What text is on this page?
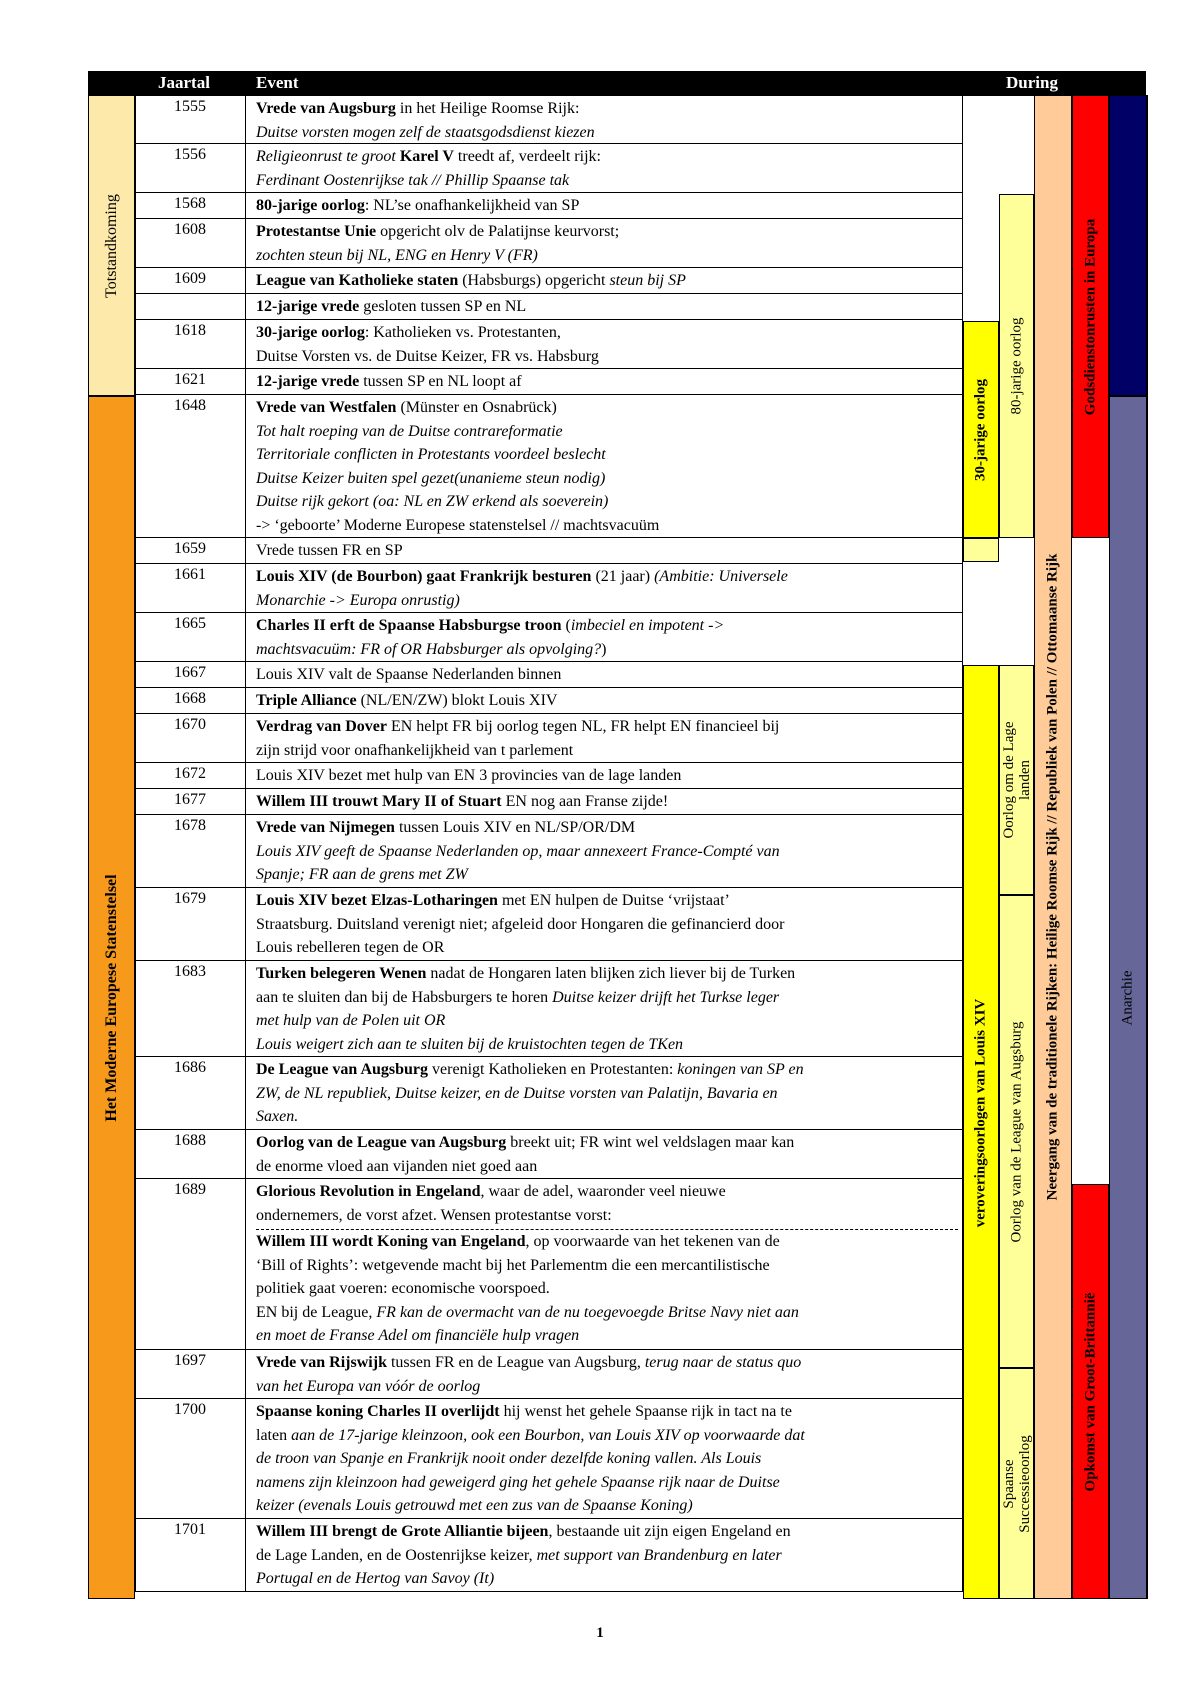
Jaartal	Event	During
Totstandkoming
Het Moderne Europese Statenstelsel
1555	Vrede van Augsburg in het Heilige Roomse Rijk:
Duitse vorsten mogen zelf de staatsgodsdienst kiezen
1556	Religieonrust te groot Karel V treedt af, verdeelt rijk:
Ferdinant Oostenrijkse tak // Phillip Spaanse tak
1568	80-jarige oorlog: NL’se onafhankelijkheid van SP
1608	Protestantse Unie opgericht olv de Palatijnse keurvorst;
zochten steun bij NL, ENG en Henry V (FR)
1609	League van Katholieke staten (Habsburgs) opgericht steun bij SP
12-jarige vrede gesloten tussen SP en NL
1618	30-jarige oorlog: Katholieken vs. Protestanten,
Duitse Vorsten vs. de Duitse Keizer, FR vs. Habsburg
1621	12-jarige vrede tussen SP en NL loopt af
1648	Vrede van Westfalen (Münster en Osnabrück)
Tot halt roeping van de Duitse contrareformatie
Territoriale conflicten in Protestants voordeel beslecht
Duitse Keizer buiten spel gezet(unanieme steun nodig)
Duitse rijk gekort (oa: NL en ZW erkend als soeverein)
-> ‘geboorte’ Moderne Europese statenstelsel // machtsvacuüm
1659	Vrede tussen FR en SP
1661	Louis XIV (de Bourbon) gaat Frankrijk besturen (21 jaar) (Ambitie: Universele
Monarchie -> Europa onrustig)
1665	Charles II erft de Spaanse Habsburgse troon (imbeciel en impotent ->
machtsvacuüm: FR of OR Habsburger als opvolging?)
1667	Louis XIV valt de Spaanse Nederlanden binnen
1668	Triple Alliance (NL/EN/ZW) blokt Louis XIV
1670	Verdrag van Dover EN helpt FR bij oorlog tegen NL, FR helpt EN financieel bij
zijn strijd voor onafhankelijkheid van t parlement
1672	Louis XIV bezet met hulp van EN 3 provincies van de lage landen
1677	Willem III trouwt Mary II of Stuart EN nog aan Franse zijde!
1678	Vrede van Nijmegen tussen Louis XIV en NL/SP/OR/DM
Louis XIV geeft de Spaanse Nederlanden op, maar annexeert France-Compté van
Spanje; FR aan de grens met ZW
1679	Louis XIV bezet Elzas-Lotharingen met EN hulpen de Duitse ‘vrijstaat’
Straatsburg. Duitsland verenigt niet; afgeleid door Hongaren die gefinancierd door
Louis rebelleren tegen de OR
1683	Turken belegeren Wenen nadat de Hongaren laten blijken zich liever bij de Turken
aan te sluiten dan bij de Habsburgers te horen Duitse keizer drijft het Turkse leger
met hulp van de Polen uit OR
Louis weigert zich aan te sluiten bij de kruistochten tegen de TKen
1686	De League van Augsburg verenigt Katholieken en Protestanten: koningen van SP en
ZW, de NL republiek, Duitse keizer, en de Duitse vorsten van Palatijn, Bavaria en
Saxen.
1688	Oorlog van de League van Augsburg breekt uit; FR wint wel veldslagen maar kan
de enorme vloed aan vijanden niet goed aan
1689	Glorious Revolution in Engeland, waar de adel, waaronder veel nieuwe
ondernemers, de vorst afzet. Wensen protestantse vorst:
Willem III wordt Koning van Engeland, op voorwaarde van het tekenen van de
‘Bill of Rights’: wetgevende macht bij het Parlementm die een mercantilistische
politiek gaat voeren: economische voorspoed.
EN bij de League, FR kan de overmacht van de nu toegevoegde Britse Navy niet aan
en moet de Franse Adel om financiële hulp vragen
1697	Vrede van Rijswijk tussen FR en de League van Augsburg, terug naar de status quo
van het Europa van vóór de oorlog
1700	Spaanse koning Charles II overlijdt hij wenst het gehele Spaanse rijk in tact na te
laten aan de 17-jarige kleinzoon, ook een Bourbon, van Louis XIV op voorwaarde dat
de troon van Spanje en Frankrijk nooit onder dezelfde koning vallen. Als Louis
namens zijn kleinzoon had geweigerd ging het gehele Spaanse rijk naar de Duitse
keizer (evenals Louis getrouwd met een zus van de Spaanse Koning)
1701	Willem III brengt de Grote Alliantie bijeen, bestaande uit zijn eigen Engeland en
de Lage Landen, en de Oostenrijkse keizer, met support van Brandenburg en later
Portugal en de Hertog van Savoy (It)
30-jarige oorlog
80-jarige oorlog
veroveringsoorlogen van Louis XIV
Oorlog om de Lage landen
Oorlog van de League van Augsburg
Spaanse Successieoorlog
Neergang van de traditionele Rijken: Heilige Roomse Rijk // Republiek van Polen // Ottomaanse Rijk
Godsdienstonrusten in Europa
Opkomst van Groot-Brittannië
Anarchie
1
